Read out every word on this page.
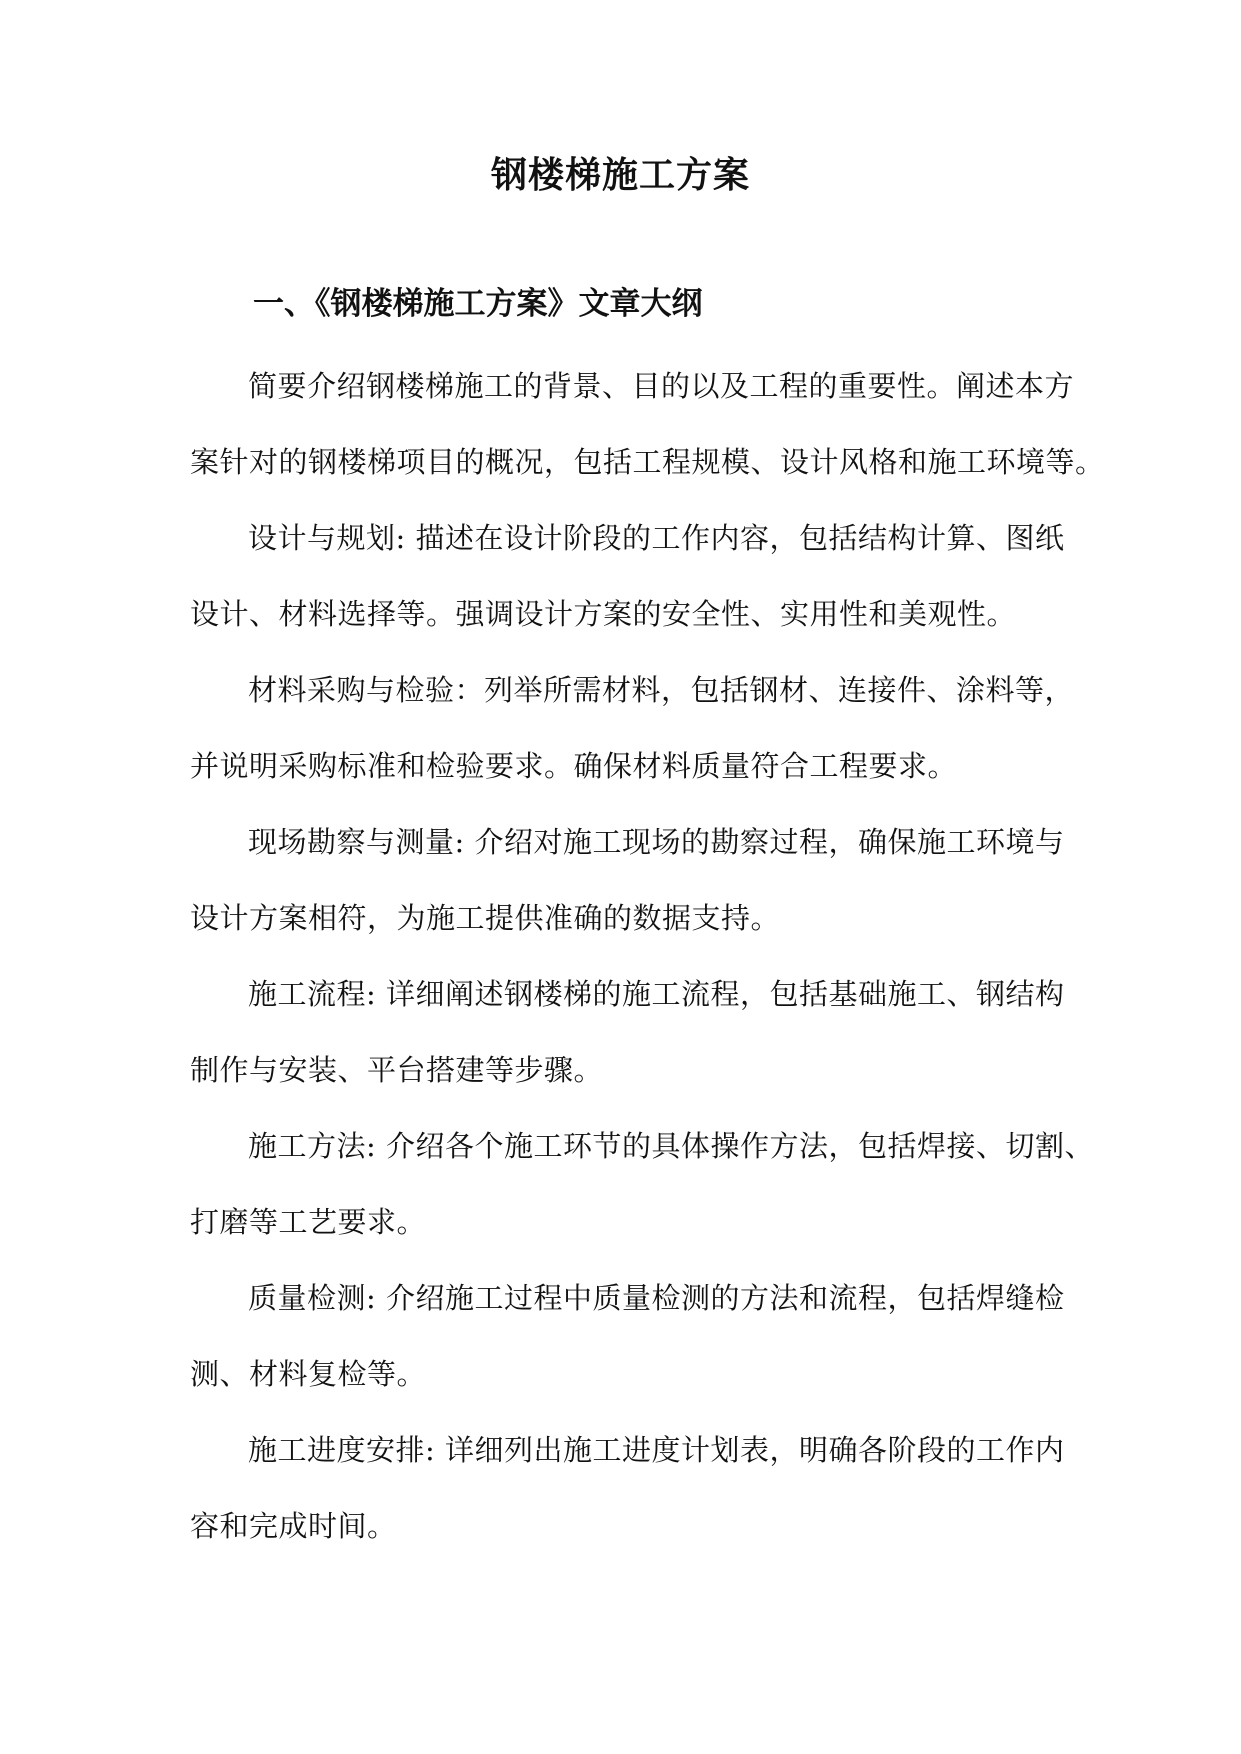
钢楼梯施工方案
一、《钢楼梯施工方案》文章大纲
简要介绍钢楼梯施工的背景、目的以及工程的重要性。阐述本方
案针对的钢楼梯项目的概况，包括工程规模、设计风格和施工环境等。
设计与规划: 描述在设计阶段的工作内容，包括结构计算、图纸
设计、材料选择等。强调设计方案的安全性、实用性和美观性。
材料采购与检验：列举所需材料，包括钢材、连接件、涂料等，
并说明采购标准和检验要求。确保材料质量符合工程要求。
现场勘察与测量: 介绍对施工现场的勘察过程，确保施工环境与
设计方案相符，为施工提供准确的数据支持。
施工流程: 详细阐述钢楼梯的施工流程，包括基础施工、钢结构
制作与安装、平台搭建等步骤。
施工方法: 介绍各个施工环节的具体操作方法，包括焊接、切割、
打磨等工艺要求。
质量检测: 介绍施工过程中质量检测的方法和流程，包括焊缝检
测、材料复检等。
施工进度安排: 详细列出施工进度计划表，明确各阶段的工作内
容和完成时间。
